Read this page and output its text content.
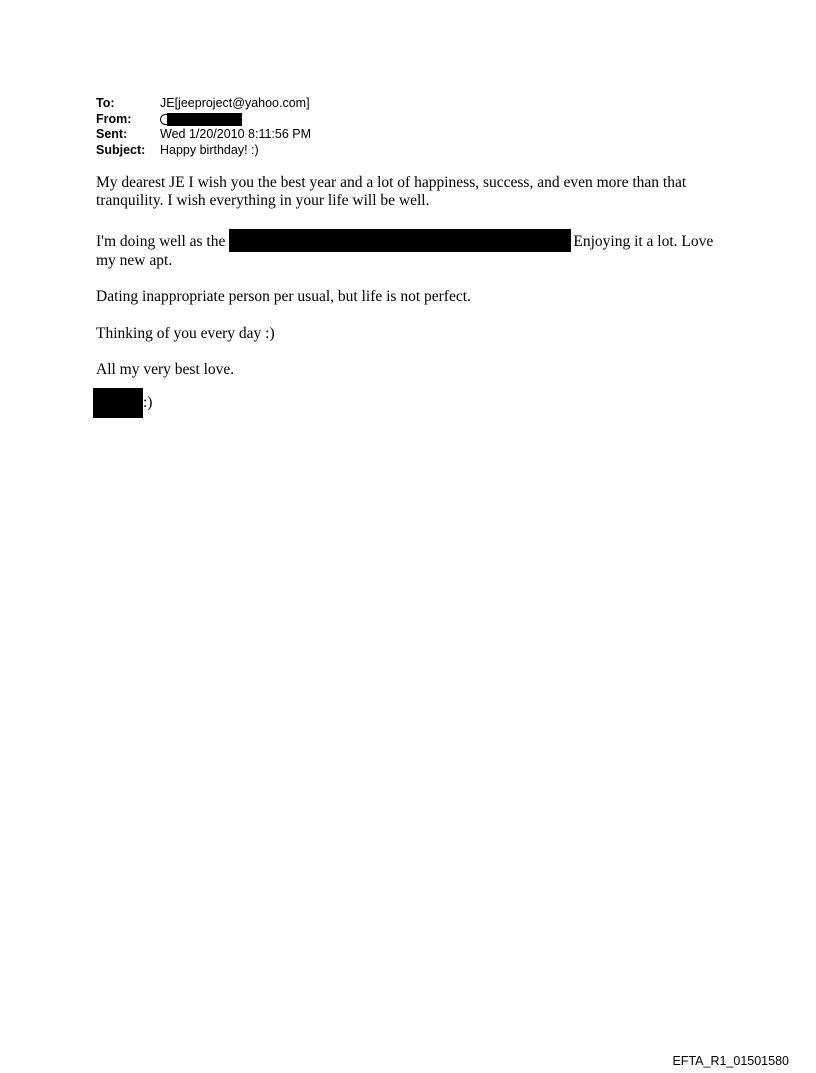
To:	JE[jeeproject@yahoo.com]
From:
Sent:	Wed 1/20/2010 8:11:56 PM
Subject:	Happy birthday! :)

My dearest JE I wish you the best year and a lot of happiness, success, and even more than that tranquility. I wish everything in your life will be well.

I'm doing well as the	Enjoying it a lot. Love my new apt.

Dating inappropriate person per usual, but life is not perfect.

Thinking of you every day :)

All my very best love.

:)
EFTA_R1_01501580
